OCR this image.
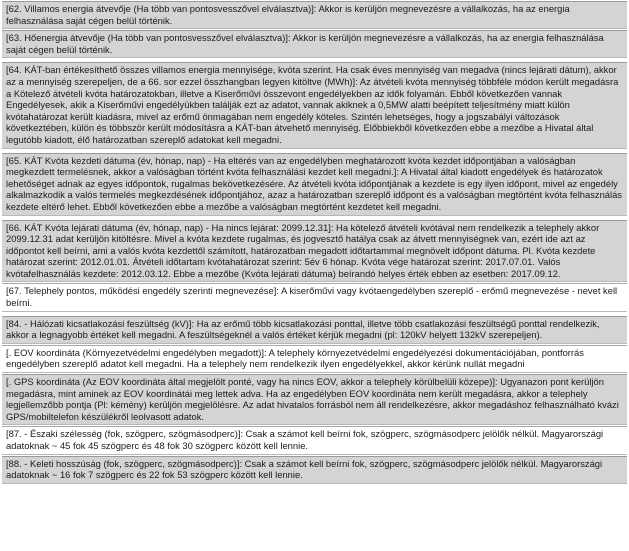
[62. Villamos energia átvevője (Ha több van pontosvesszővel elválasztva)]: Akkor is kerüljön megnevezésre a vállalkozás, ha az energia felhasználása saját cégen belül történik.
[63. Hőenergia átvevője (Ha több van pontosvesszővel elválasztva)]: Akkor is kerüljön megnevezésre a vállalkozás, ha az energia felhasználása saját cégen belül történik.
[64. KÁT-ban értékesíthető összes villamos energia mennyisége, kvóta szerint. Ha csak éves mennyiség van megadva (nincs lejárati dátum), akkor az a mennyiség szerepeljen, de a 66. sor ezzel összhangban legyen kitöltve (MWh)]: Az átvételi kvóta mennyiség többféle módon került megadásra a Kötelező átvételi kvóta határozatokban, illetve a Kiserőművi összevont engedélyekben az idők folyamán. Ebből következően vannak Engedélyesek, akik a Kiserőművi engedélyükben találják ezt az adatot, vannak akiknek a 0,5MW alatti beépített teljesítmény miatt külön kvótahatározat került kiadásra, mivel az erőmű önmagában nem engedély köteles. Szintén lehetséges, hogy a jogszabályi változások következtében, külön és többször került módosításra a KÁT-ban átvehető mennyiség. Előbbiekből következően ebbe a mezőbe a Hivatal által legutóbb kiadott, élő határozatban szereplő adatokat kell megadni.
[65. KÁT Kvóta kezdeti dátuma (év, hónap, nap) - Ha eltérés van az engedélyben meghatározott kvóta kezdet időpontjában a valóságban megkezdett termelésnek, akkor a valóságban történt kvóta felhasználási kezdet kell megadni.]: A Hivatal által kiadott engedélyek és határozatok lehetőséget adnak az egyes időpontok, rugalmas bekövetkezésére. Az átvételi kvóta időpontjának a kezdete is egy ilyen időpont, mivel az engedély alkalmazkodik a valós termelés megkezdésének időpontjához, azaz a határozatban szereplő időpont és a valóságban megtörtént kvóta felhasználás kezdete eltérő lehet. Ebből következően ebbe a mezőbe a valóságban megtörtént kezdetet kell megadni.
[66. KÁT Kvóta lejárati dátuma (év, hónap, nap) - Ha nincs lejárat: 2099.12.31]: Ha kötelező átvételi kvótával nem rendelkezik a telephely akkor 2099.12.31 adat kerüljön kitöltésre. Mivel a kvóta kezdete rugalmas, és jogvesztő hatálya csak az átvett mennyiségnek van, ezért ide azt az időpontot kell beírni, ami a valós kvóta kezdettől számított, határozatban megadott időtartammal megnövelt időpont dátuma. Pl. Kvóta kezdete határozat szerint: 2012.01.01. Átvételi időtartam kvótahatározat szerint: 5év 6 hónap. Kvóta vége határozat szerint: 2017.07.01. Valós kvótafelhasználás kezdete: 2012.03.12. Ebbe a mezőbe (Kvóta lejárati dátuma) beírandó helyes érték ebben az esetben: 2017.09.12.
[67. Telephely pontos, működési engedély szerinti megnevezése]: A kiserőművi vagy kvótaengedélyben szereplő - erőmű megnevezése - nevet kell beírni.
[84. - Hálózati kicsatlakozási feszültség (kV)]: Ha az erőmű több kicsatlakozási ponttal, illetve több csatlakozási feszültségű ponttal rendelkezik, akkor a legnagyobb értéket kell megadni. A feszültségeknél a valós értéket kérjük megadni (pl: 120kV helyett 132kV szerepeljen).
[. EOV koordináta (Környezetvédelmi engedélyben megadott)]: A telephely környezetvédelmi engedélyezési dokumentációjában, pontforrás engedélyben szereplő adatot kell megadni. Ha a telephely nem rendelkezik ilyen engedélyekkel, akkor kérünk nullát megadni
[. GPS koordináta (Az EOV koordináta által megjelölt ponté, vagy ha nincs EOV, akkor a telephely körülbelüli közepe)]: Ugyanazon pont kerüljön megadásra, mint aminek az EOV koordinátái meg lettek adva. Ha az engedélyben EOV koordináta nem került megadásra, akkor a telephely legjellemzőbb pontja (Pl: kémény) kerüljön megjelölésre. Az adat hivatalos forrásból nem áll rendelkezésre, akkor megadáshoz felhasználható kvázi GPS/mobiltelefon készülékről leolvasott adatok.
[87. - Északi szélesség (fok, szögperc, szögmásodperc)]: Csak a számot kell beírni fok, szögperc, szögmásodperc jelölők nélkül. Magyarországi adatoknak ~ 45 fok 45 szögperc és 48 fok 30 szögperc között kell lennie.
[88. - Keleti hosszúság (fok, szögperc, szögmásodperc)]: Csak a számot kell beírni fok, szögperc, szögmásodperc jelölők nélkül. Magyarországi adatoknak ~ 16 fok 7 szögperc és 22 fok 53 szögperc között kell lennie.
